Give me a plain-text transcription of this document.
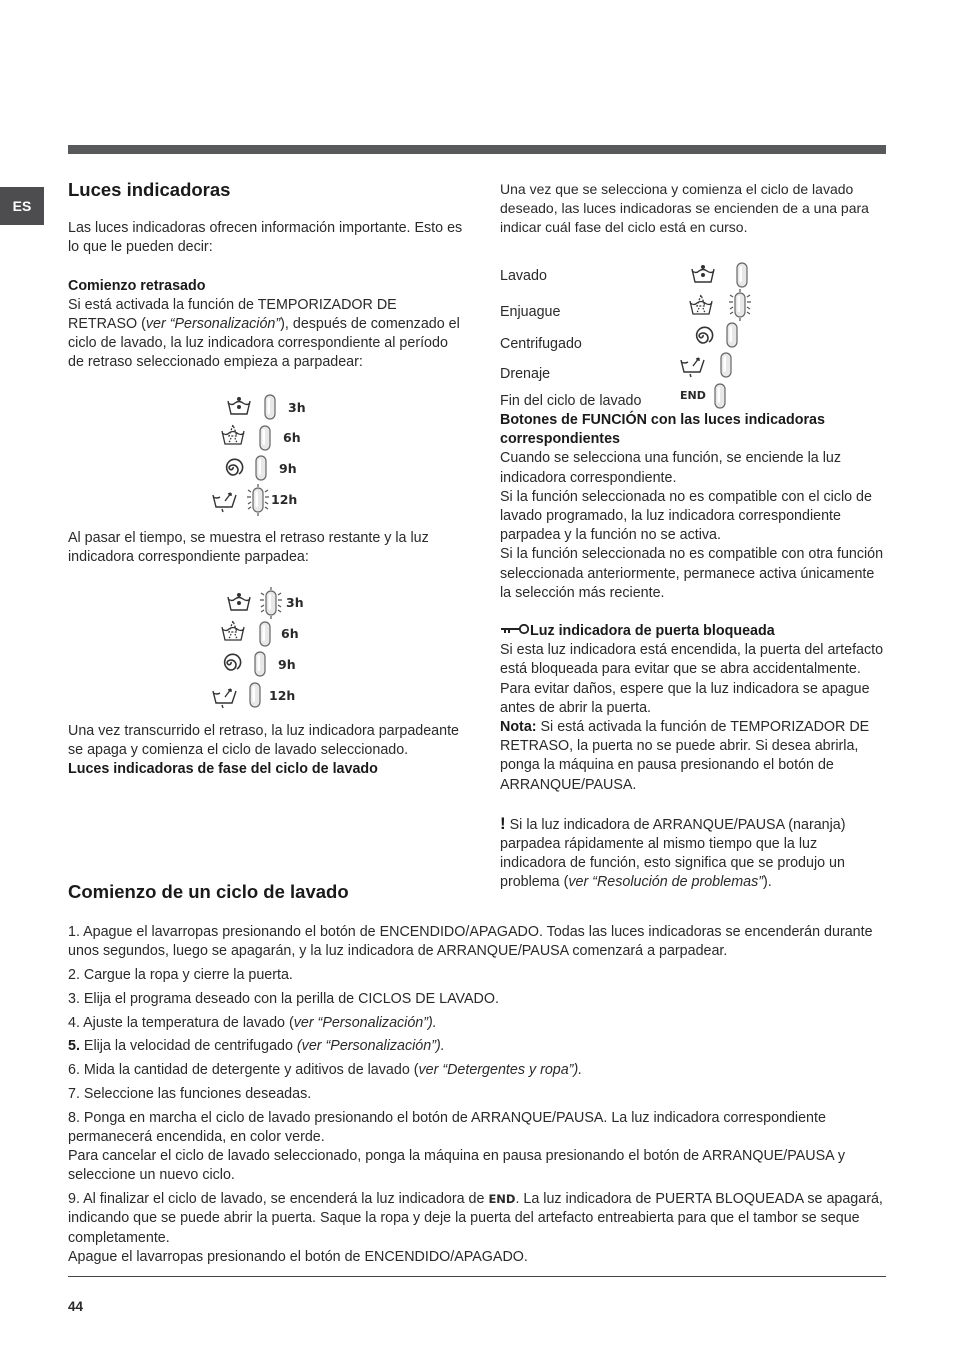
ES
Luces indicadoras

Las luces indicadoras ofrecen información importante. Esto es lo que le pueden decir:

Comienzo retrasado

Si está activada la función de TEMPORIZADOR DE RETRASO (ver “Personalización”), después de comenzado el ciclo de lavado, la luz indicadora correspondiente al período de retraso seleccionado empieza a parpadear:

3h
6h
9h
12h

Al pasar el tiempo, se muestra el retraso restante y la luz indicadora correspondiente parpadea:

3h
6h
9h
12h

Una vez transcurrido el retraso, la luz indicadora parpadeante se apaga y comienza el ciclo de lavado seleccionado.

Luces indicadoras de fase del ciclo de lavado

Una vez que se selecciona y comienza el ciclo de lavado deseado, las luces indicadoras se encienden de a una para indicar cuál fase del ciclo está en curso.

Lavado
Enjuague
Centrifugado
Drenaje
Fin del ciclo de lavado	END

Botones de FUNCIÓN con las luces indicadoras correspondientes

Cuando se selecciona una función, se enciende la luz indicadora correspondiente.

Si la función seleccionada no es compatible con el ciclo de lavado programado, la luz indicadora correspondiente parpadea y la función no se activa.

Si la función seleccionada no es compatible con otra función seleccionada anteriormente, permanece activa únicamente la selección más reciente.

Luz indicadora de puerta bloqueada

Si esta luz indicadora está encendida, la puerta del artefacto está bloqueada para evitar que se abra accidentalmente. Para evitar daños, espere que la luz indicadora se apague antes de abrir la puerta.

Nota: Si está activada la función de TEMPORIZADOR DE RETRASO, la puerta no se puede abrir. Si desea abrirla, ponga la máquina en pausa presionando el botón de ARRANQUE/PAUSA.

! Si la luz indicadora de ARRANQUE/PAUSA (naranja) parpadea rápidamente al mismo tiempo que la luz indicadora de función, esto significa que se produjo un problema (ver “Resolución de problemas”).

Comienzo de un ciclo de lavado

1. Apague el lavarropas presionando el botón de ENCENDIDO/APAGADO. Todas las luces indicadoras se encenderán durante unos segundos, luego se apagarán, y la luz indicadora de ARRANQUE/PAUSA comenzará a parpadear.

2. Cargue la ropa y cierre la puerta.

3. Elija el programa deseado con la perilla de CICLOS DE LAVADO.

4. Ajuste la temperatura de lavado (ver “Personalización”).

5. Elija la velocidad de centrifugado (ver “Personalización”).

6. Mida la cantidad de detergente y aditivos de lavado (ver “Detergentes y ropa”).

7. Seleccione las funciones deseadas.

8. Ponga en marcha el ciclo de lavado presionando el botón de ARRANQUE/PAUSA. La luz indicadora correspondiente permanecerá encendida, en color verde.

Para cancelar el ciclo de lavado seleccionado, ponga la máquina en pausa presionando el botón de ARRANQUE/PAUSA y seleccione un nuevo ciclo.

9. Al finalizar el ciclo de lavado, se encenderá la luz indicadora de END. La luz indicadora de PUERTA BLOQUEADA se apagará, indicando que se puede abrir la puerta. Saque la ropa y deje la puerta del artefacto entreabierta para que el tambor se seque completamente.

Apague el lavarropas presionando el botón de ENCENDIDO/APAGADO.

44
